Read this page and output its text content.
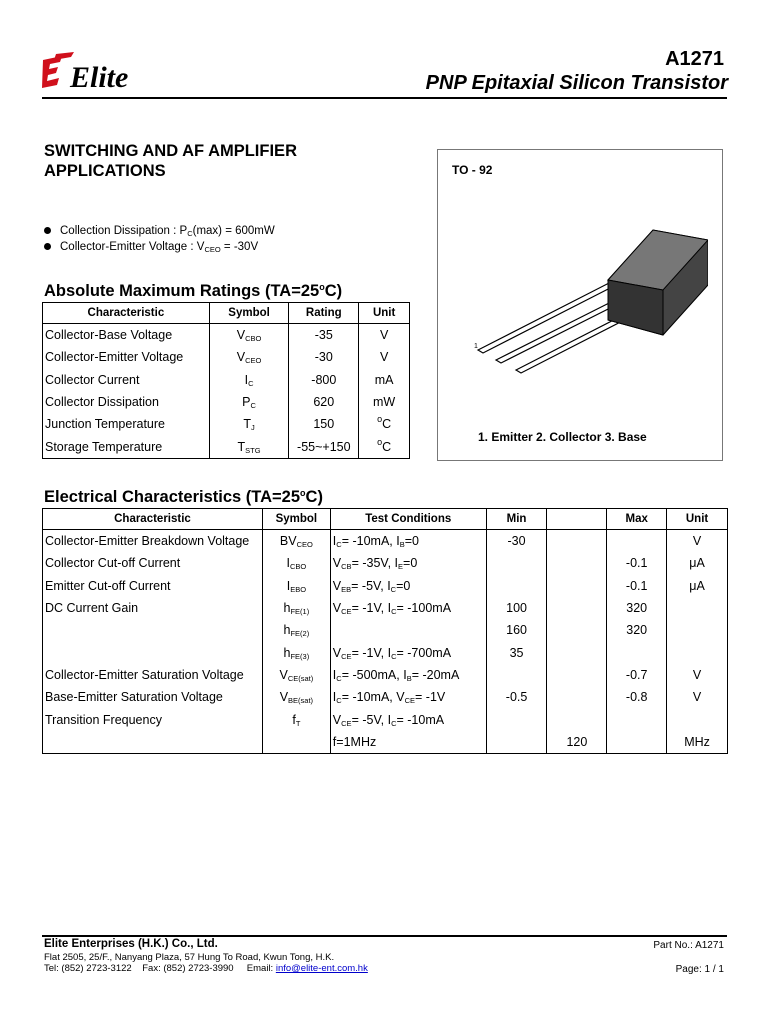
Elite
A1271
PNP Epitaxial Silicon Transistor
SWITCHING AND AF AMPLIFIER APPLICATIONS
Collection Dissipation : $P_C(\max) = 600mW$
Collector-Emitter Voltage : $V_{CEO} = -30V$
TO - 92
1
1. Emitter 2. Collector 3. Base
Absolute Maximum Ratings $(TA=25^oC)$
Characteristic	Symbol	Rating	Unit
Collector-Base Voltage	$V_{CBO}$	-35	V
Collector-Emitter Voltage	$V_{CEO}$	-30	V
Collector Current	$I_C$	-800	mA
Collector Dissipation	$P_C$	620	mW
Junction Temperature	$T_J$	150	$^o$C
Storage Temperature	$T_{STG}$	-55~+150	$^o$C
Electrical Characteristics $(TA=25^oC)$
Characteristic	Symbol	Test Conditions	Min		Max	Unit
Collector-Emitter Breakdown Voltage	$BV_{CEO}$	$I_C= -10mA$, $I_B=0$	-30			V
Collector Cut-off Current	$I_{CBO}$	$V_{CB}= -35V$, $I_E=0$			-0.1	μA
Emitter Cut-off Current	$I_{EBO}$	$V_{EB}= -5V$, $I_C=0$			-0.1	μA
DC Current Gain	$h_{FE(1)}$	$V_{CE}= -1V$, $I_C= -100mA$	100		320	
	$h_{FE(2)}$		160		320	
	$h_{FE(3)}$	$V_{CE}= -1V$, $I_C= -700mA$	35			
Collector-Emitter Saturation Voltage	$V_{CE(sat)}$	$I_C= -500mA$, $I_B= -20mA$			-0.7	V
Base-Emitter Saturation Voltage	$V_{BE(sat)}$	$I_C= -10mA$, $V_{CE}= -1V$	-0.5		-0.8	V
Transition Frequency	$f_T$	$V_{CE}= -5V$, $I_C= -10mA$				
		f=1MHz		120		MHz
Elite Enterprises (H.K.) Co., Ltd.
Flat 2505, 25/F., Nanyang Plaza, 57 Hung To Road, Kwun Tong, H.K.
Tel: (852) 2723-3122    Fax: (852) 2723-3990     Email: info@elite-ent.com.hk
Part No.: A1271
Page: 1 / 1
